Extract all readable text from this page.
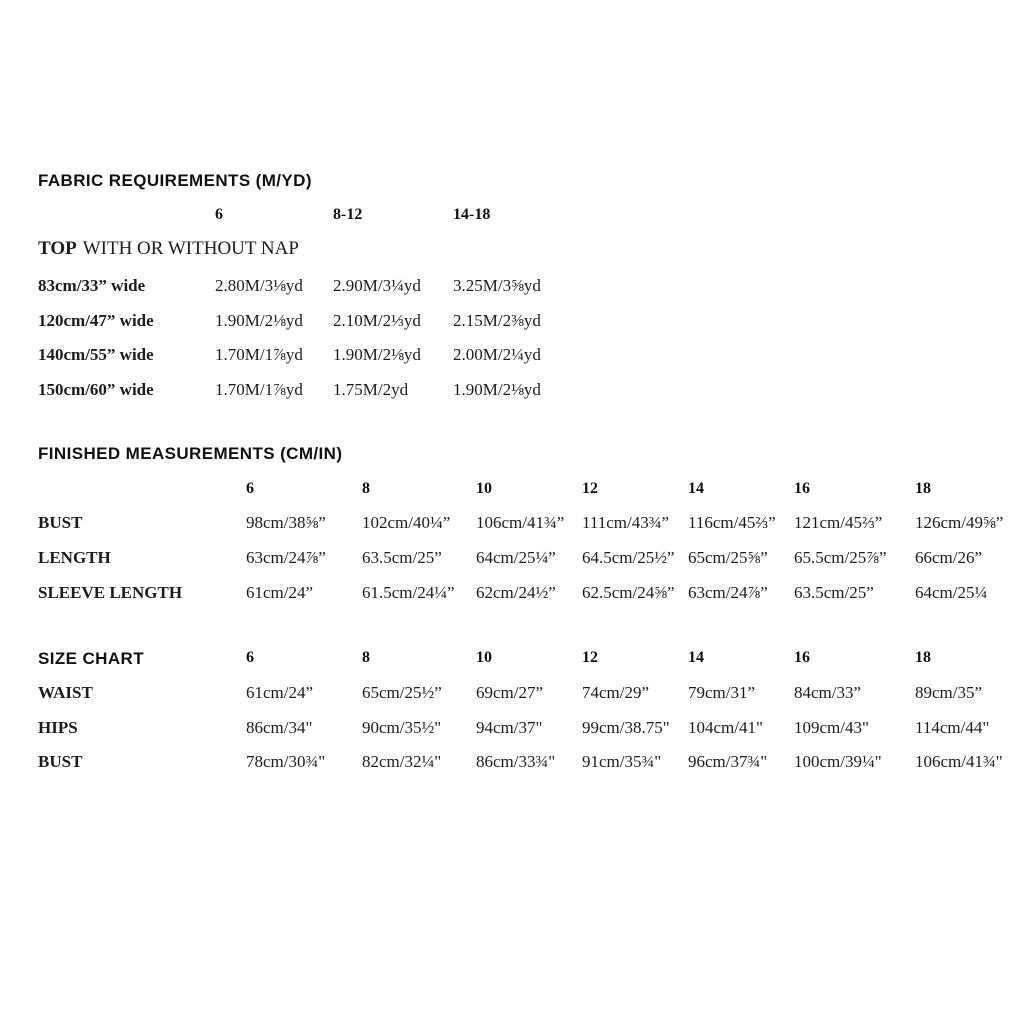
FABRIC REQUIREMENTS (M/YD)
6	8-12	14-18
TOP WITH OR WITHOUT NAP
83cm/33” wide	2.80M/3⅛yd 2.90M/3¼yd 3.25M/3⅝yd
120cm/47” wide	1.90M/2⅛yd 2.10M/2⅓yd 2.15M/2⅜yd
140cm/55” wide	1.70M/1⅞yd 1.90M/2⅛yd 2.00M/2¼yd
150cm/60” wide	1.70M/1⅞yd 1.75M/2yd	1.90M/2⅛yd
FINISHED MEASUREMENTS (CM/IN)
6	8	10	12	14	16	18
BUST	98cm/38⅝” 102cm/40¼” 106cm/41¾” 111cm/43¾” 116cm/45⅔” 121cm/45⅔” 126cm/49⅝”
LENGTH	63cm/24⅞” 63.5cm/25” 64cm/25¼” 64.5cm/25½” 65cm/25⅝” 65.5cm/25⅞” 66cm/26”
SLEEVE LENGTH	61cm/24”	61.5cm/24¼” 62cm/24½” 62.5cm/24⅝” 63cm/24⅞” 63.5cm/25” 64cm/25¼
SIZE CHART	6	8	10	12	14	16	18
WAIST	61cm/24”	65cm/25½” 69cm/27” 74cm/29” 79cm/31” 84cm/33”	89cm/35”
HIPS	86cm/34"	90cm/35½" 94cm/37" 99cm/38.75" 104cm/41" 109cm/43"	114cm/44"
BUST	78cm/30¾" 82cm/32¼" 86cm/33¾" 91cm/35¾" 96cm/37¾" 100cm/39¼" 106cm/41¾"
